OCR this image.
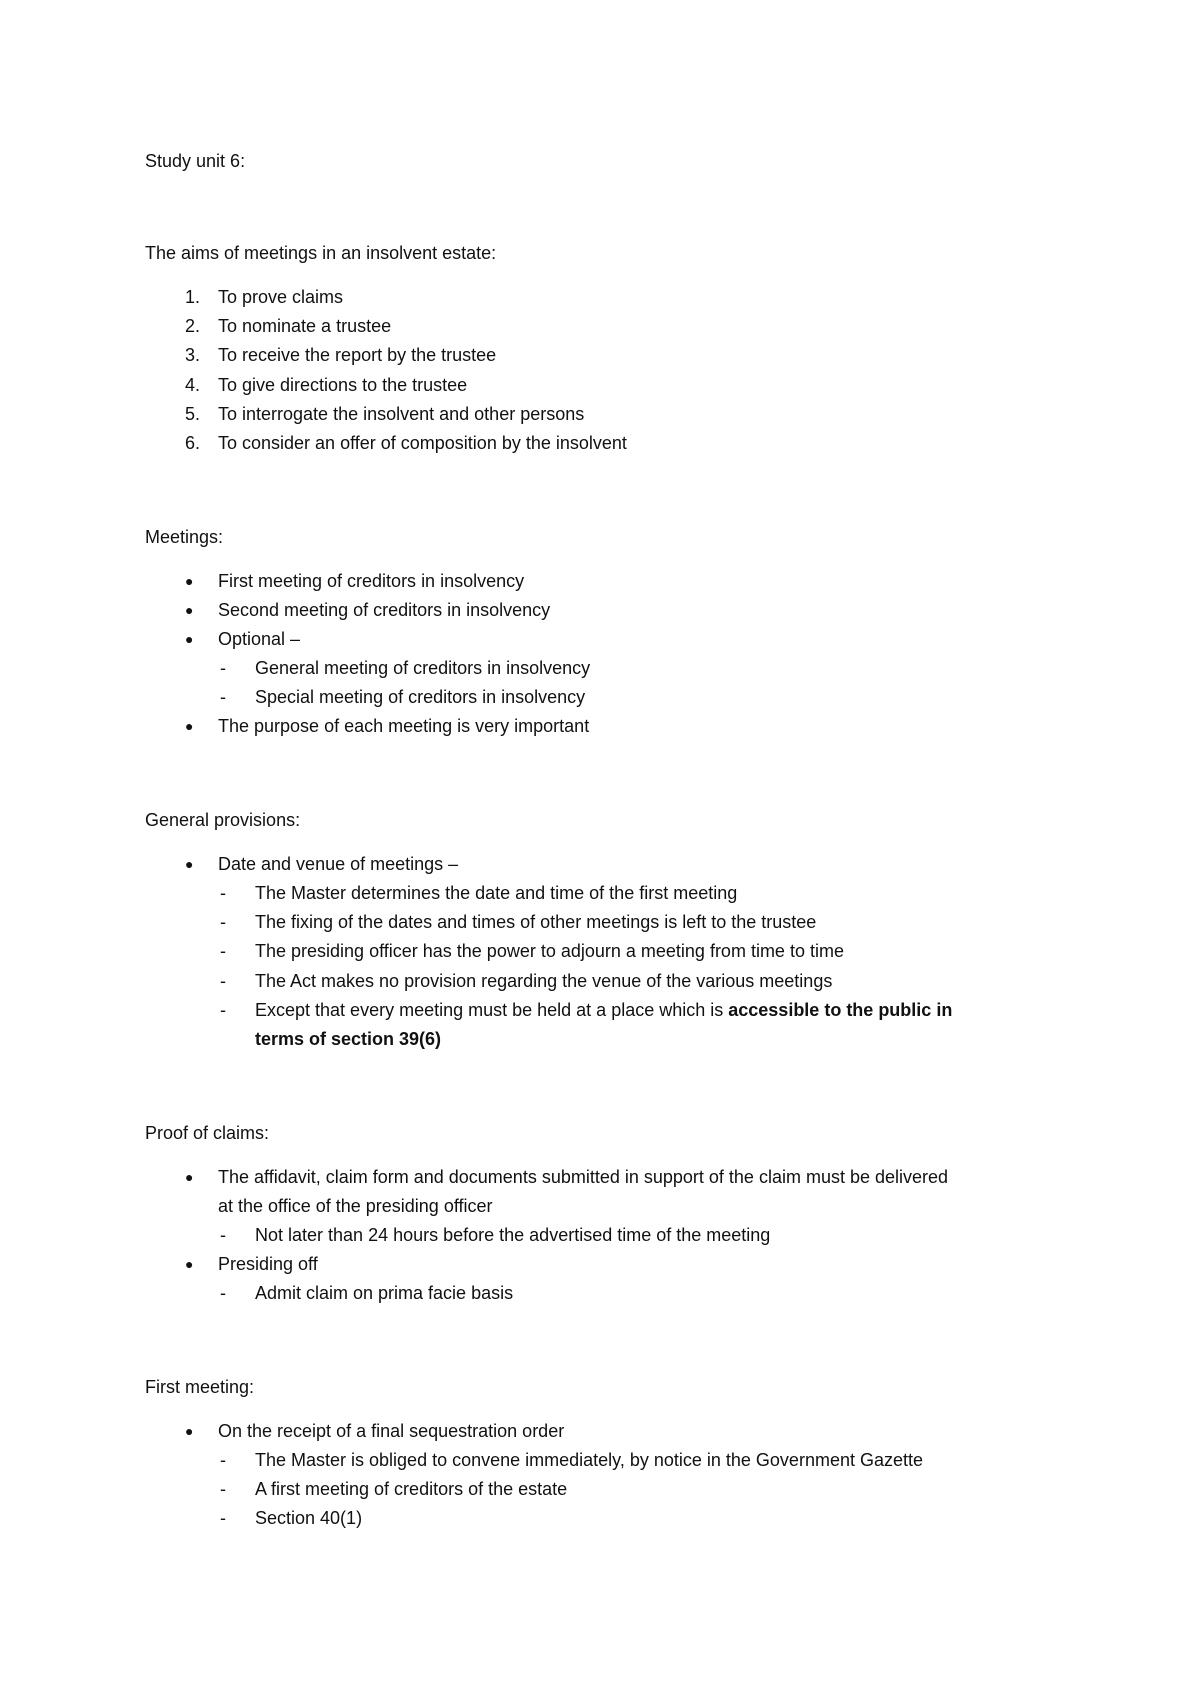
Study unit 6:
The aims of meetings in an insolvent estate:
1. To prove claims
2. To nominate a trustee
3. To receive the report by the trustee
4. To give directions to the trustee
5. To interrogate the insolvent and other persons
6. To consider an offer of composition by the insolvent
Meetings:
● First meeting of creditors in insolvency
● Second meeting of creditors in insolvency
● Optional –
- General meeting of creditors in insolvency
- Special meeting of creditors in insolvency
● The purpose of each meeting is very important
General provisions:
● Date and venue of meetings –
- The Master determines the date and time of the first meeting
- The fixing of the dates and times of other meetings is left to the trustee
- The presiding officer has the power to adjourn a meeting from time to time
- The Act makes no provision regarding the venue of the various meetings
- Except that every meeting must be held at a place which is accessible to the public in
terms of section 39(6)
Proof of claims:
● The affidavit, claim form and documents submitted in support of the claim must be delivered
at the office of the presiding officer
- Not later than 24 hours before the advertised time of the meeting
● Presiding off
- Admit claim on prima facie basis
First meeting:
● On the receipt of a final sequestration order
- The Master is obliged to convene immediately, by notice in the Government Gazette
- A first meeting of creditors of the estate
- Section 40(1)
